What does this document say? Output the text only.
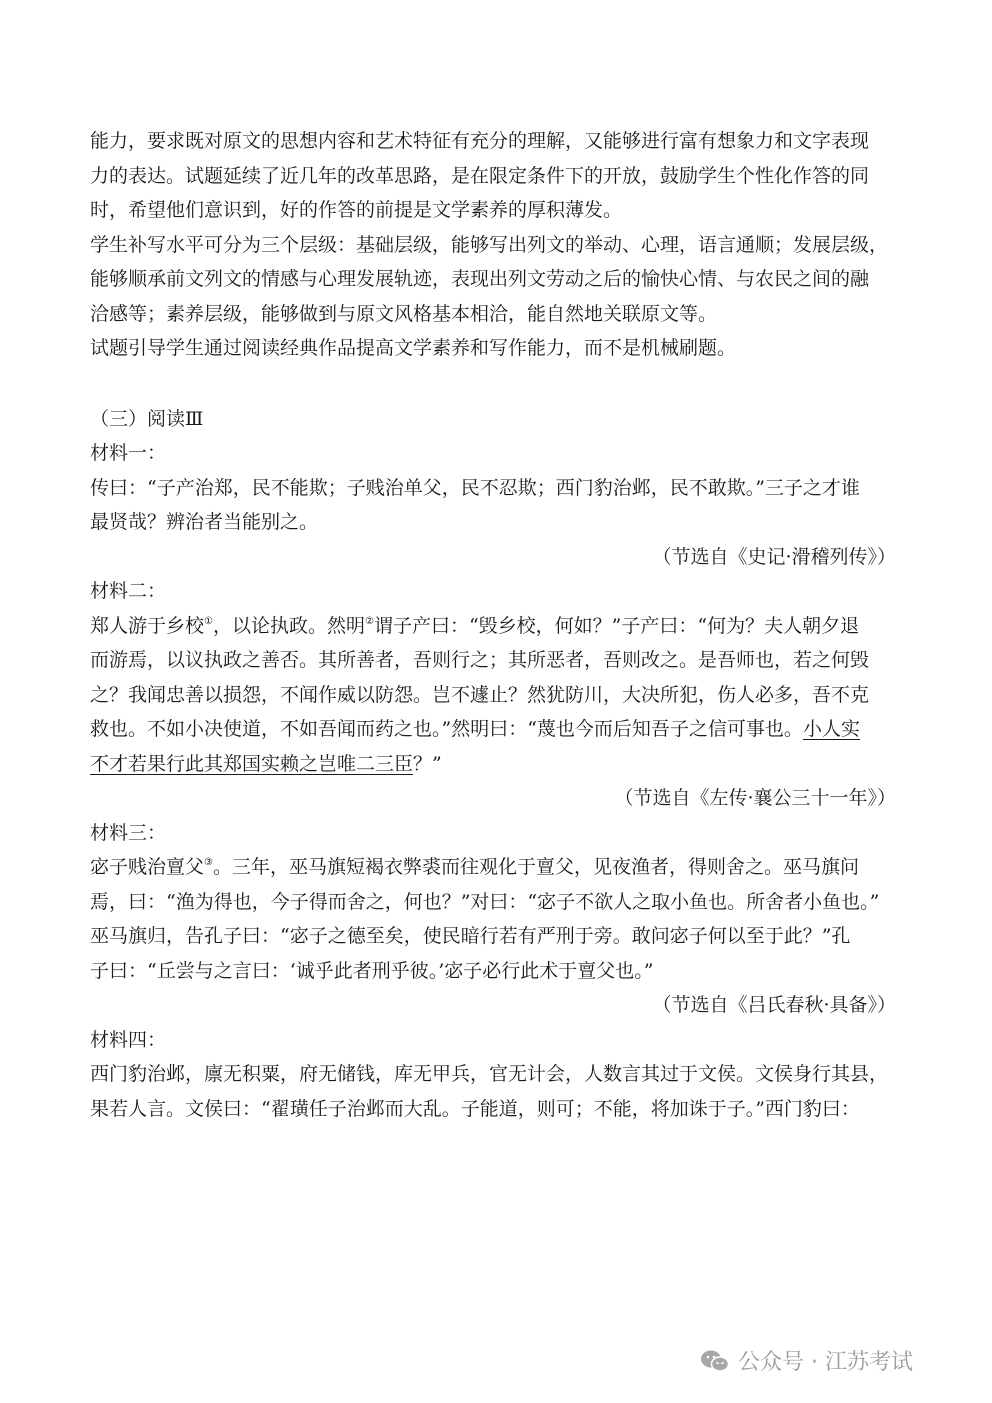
能力，要求既对原文的思想内容和艺术特征有充分的理解，又能够进行富有想象力和文字表现

力的表达。试题延续了近几年的改革思路，是在限定条件下的开放，鼓励学生个性化作答的同

时，希望他们意识到，好的作答的前提是文学素养的厚积薄发。

学生补写水平可分为三个层级：基础层级，能够写出列文的举动、心理，语言通顺；发展层级，

能够顺承前文列文的情感与心理发展轨迹，表现出列文劳动之后的愉快心情、与农民之间的融

洽感等；素养层级，能够做到与原文风格基本相洽，能自然地关联原文等。

试题引导学生通过阅读经典作品提高文学素养和写作能力，而不是机械刷题。

（三）阅读Ⅲ

材料一：

传曰：“子产治郑，民不能欺；子贱治单父，民不忍欺；西门豹治邺，民不敢欺。”三子之才谁

最贤哉？辨治者当能别之。

（节选自《史记·滑稽列传》）

材料二：

郑人游于乡校①，以论执政。然明②谓子产曰：“毁乡校，何如？”子产曰：“何为？夫人朝夕退

而游焉，以议执政之善否。其所善者，吾则行之；其所恶者，吾则改之。是吾师也，若之何毁

之？我闻忠善以损怨，不闻作威以防怨。岂不遽止？然犹防川，大决所犯，伤人必多，吾不克

救也。不如小决使道，不如吾闻而药之也。”然明曰：“蔑也今而后知吾子之信可事也。小人实

不才若果行此其郑国实赖之岂唯二三臣？”

（节选自《左传·襄公三十一年》）

材料三：

宓子贱治亶父③。三年，巫马旗短褐衣弊裘而往观化于亶父，见夜渔者，得则舍之。巫马旗问

焉，曰：“渔为得也，今子得而舍之，何也？”对曰：“宓子不欲人之取小鱼也。所舍者小鱼也。”

巫马旗归，告孔子曰：“宓子之德至矣，使民暗行若有严刑于旁。敢问宓子何以至于此？”孔

子曰：“丘尝与之言曰：‘诚乎此者刑乎彼。’宓子必行此术于亶父也。”

（节选自《吕氏春秋·具备》）

材料四：

西门豹治邺，廪无积粟，府无储钱，库无甲兵，官无计会，人数言其过于文侯。文侯身行其县，

果若人言。文侯曰：“翟璜任子治邺而大乱。子能道，则可；不能，将加诛于子。”西门豹曰：

公众号 · 江苏考试
